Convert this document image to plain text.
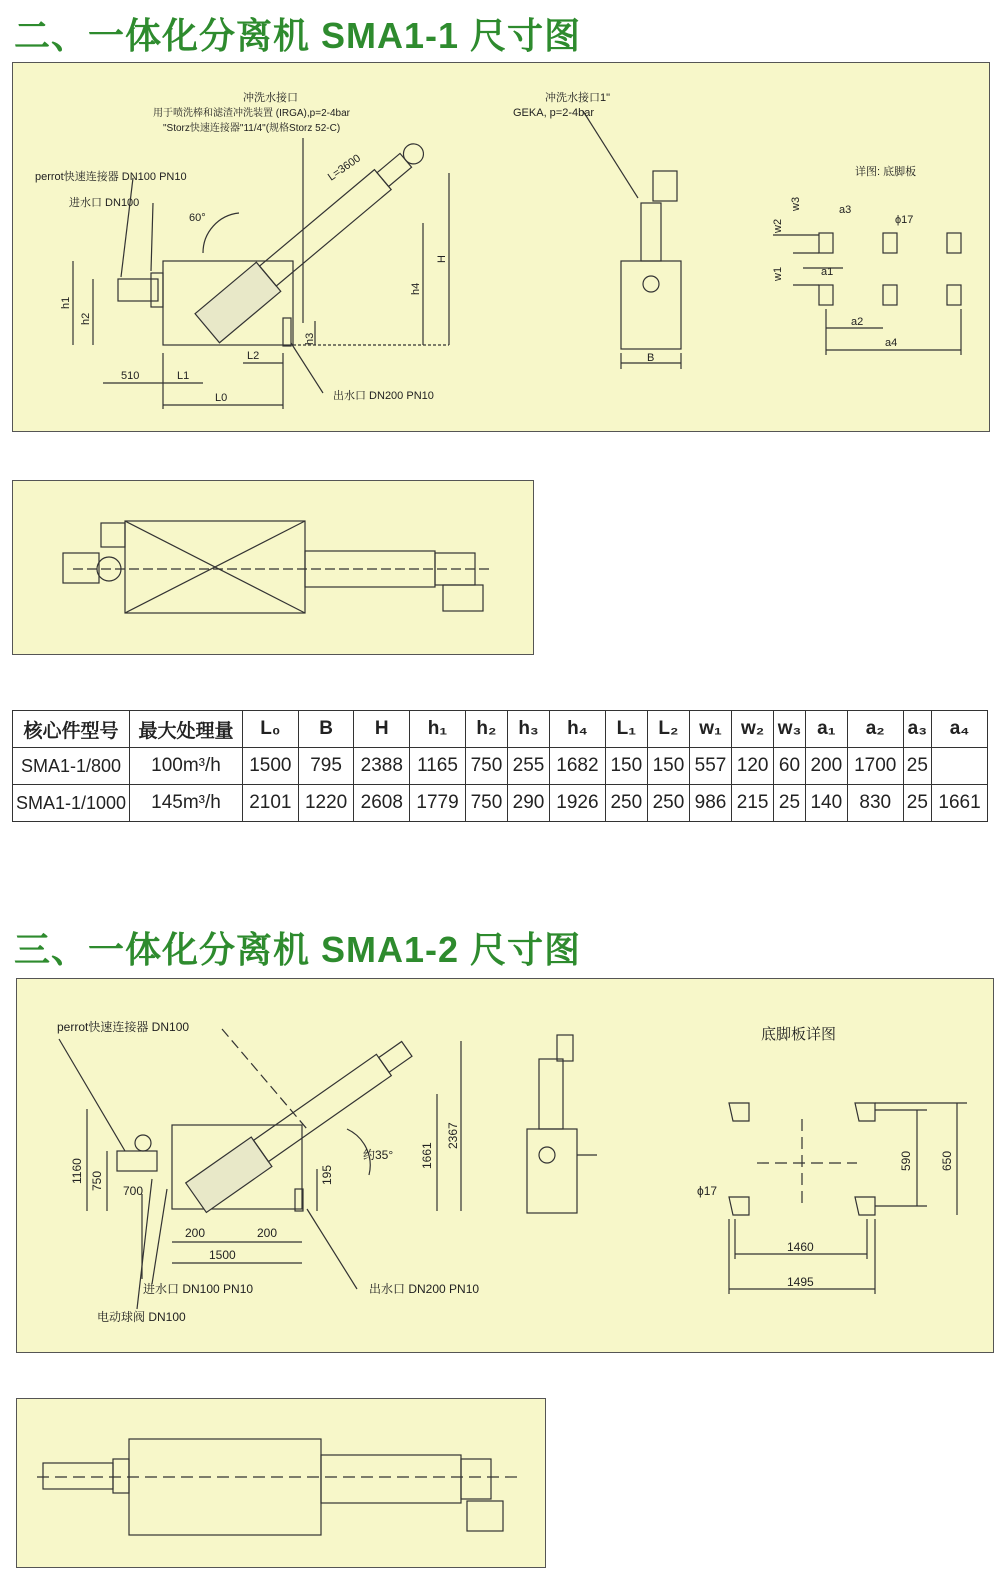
二、一体化分离机 SMA1-1 尺寸图
冲洗水接口
用于喷洗棒和滤渣冲洗装置 (IRGA),p=2-4bar
"Storz快速连接器"11/4"(规格Storz 52-C)
perrot快速连接器 DN100 PN10
进水口 DN100
60°
L=3600
出水口 DN200 PN10
h1
h2
h3
h4
H
510	L1
L2
L0
冲洗水接口1"
GEKA, p=2-4bar
B
详图: 底脚板
ϕ17
w1
w2
w3
a1
a2
a3
a4
核心件型号	最大处理量	L₀	B	H	h₁	h₂	h₃	h₄	L₁	L₂	w₁	w₂	w₃	a₁	a₂	a₃	a₄
SMA1-1/800	100m³/h	1500	795	2388	1165	750	255	1682	150	150	557	120	60	200	1700	25	
SMA1-1/1000	145m³/h	2101	1220	2608	1779	750	290	1926	250	250	986	215	25	140	830	25	1661
三、一体化分离机 SMA1-2 尺寸图
perrot快速连接器 DN100
约35°
1160 750 700
195
1661
2367
200	200
1500
进水口 DN100 PN10
电动球阀 DN100
出水口 DN200 PN10
底脚板详图
ϕ17
590 650
1460
1495
